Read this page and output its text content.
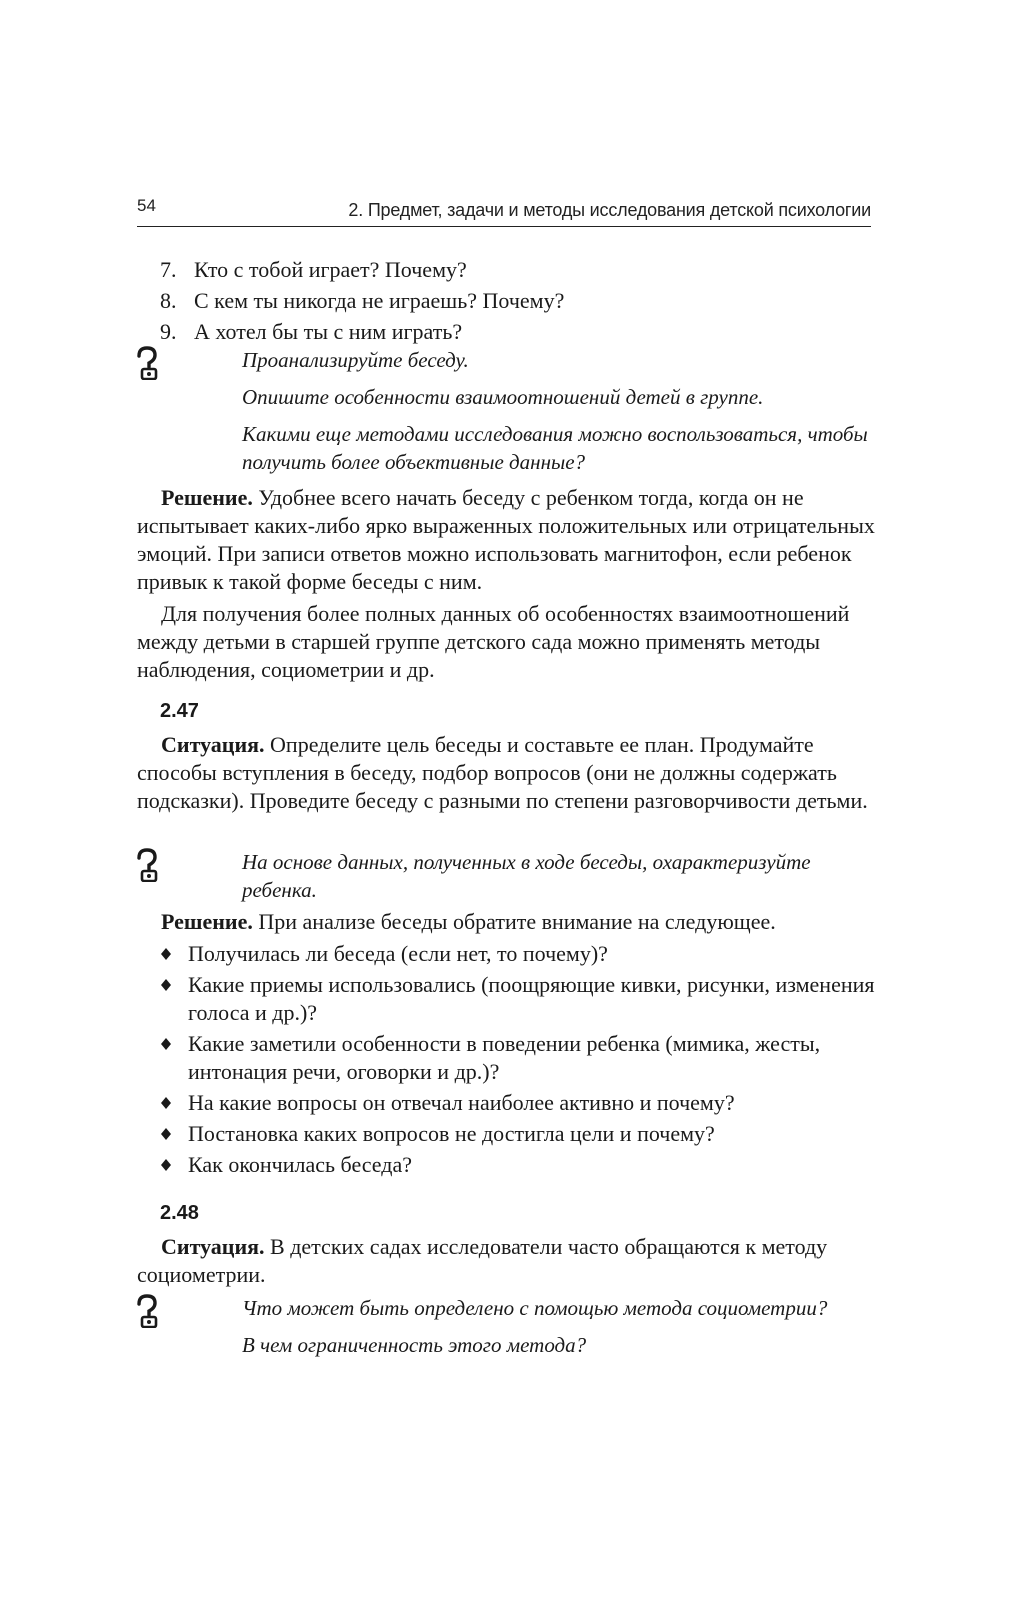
54	2. Предмет, задачи и методы исследования детской психологии
7. Кто с тобой играет? Почему?
8. С кем ты никогда не играешь? Почему?
9. А хотел бы ты с ним играть?
Проанализируйте беседу.
Опишите особенности взаимоотношений детей в группе.
Какими еще методами исследования можно воспользоваться, чтобы получить более объективные данные?

Решение. Удобнее всего начать беседу с ребенком тогда, когда он не испытывает каких-либо ярко выраженных положительных или отрицательных эмоций. При записи ответов можно использовать магнитофон, если ребенок привык к такой форме беседы с ним.

Для получения более полных данных об особенностях взаимоотношений между детьми в старшей группе детского сада можно применять методы наблюдения, социометрии и др.

2.47

Ситуация. Определите цель беседы и составьте ее план. Продумайте способы вступления в беседу, подбор вопросов (они не должны содержать подсказки). Проведите беседу с разными по степени разговорчивости детьми.

На основе данных, полученных в ходе беседы, охарактеризуйте ребенка.

Решение. При анализе беседы обратите внимание на следующее.

Получилась ли беседа (если нет, то почему)?
Какие приемы использовались (поощряющие кивки, рисунки, изменения голоса и др.)?
Какие заметили особенности в поведении ребенка (мимика, жесты, интонация речи, оговорки и др.)?
На какие вопросы он отвечал наиболее активно и почему?
Постановка каких вопросов не достигла цели и почему?
Как окончилась беседа?
2.48

Ситуация. В детских садах исследователи часто обращаются к методу социометрии.

Что может быть определено с помощью метода социометрии?
В чем ограниченность этого метода?
